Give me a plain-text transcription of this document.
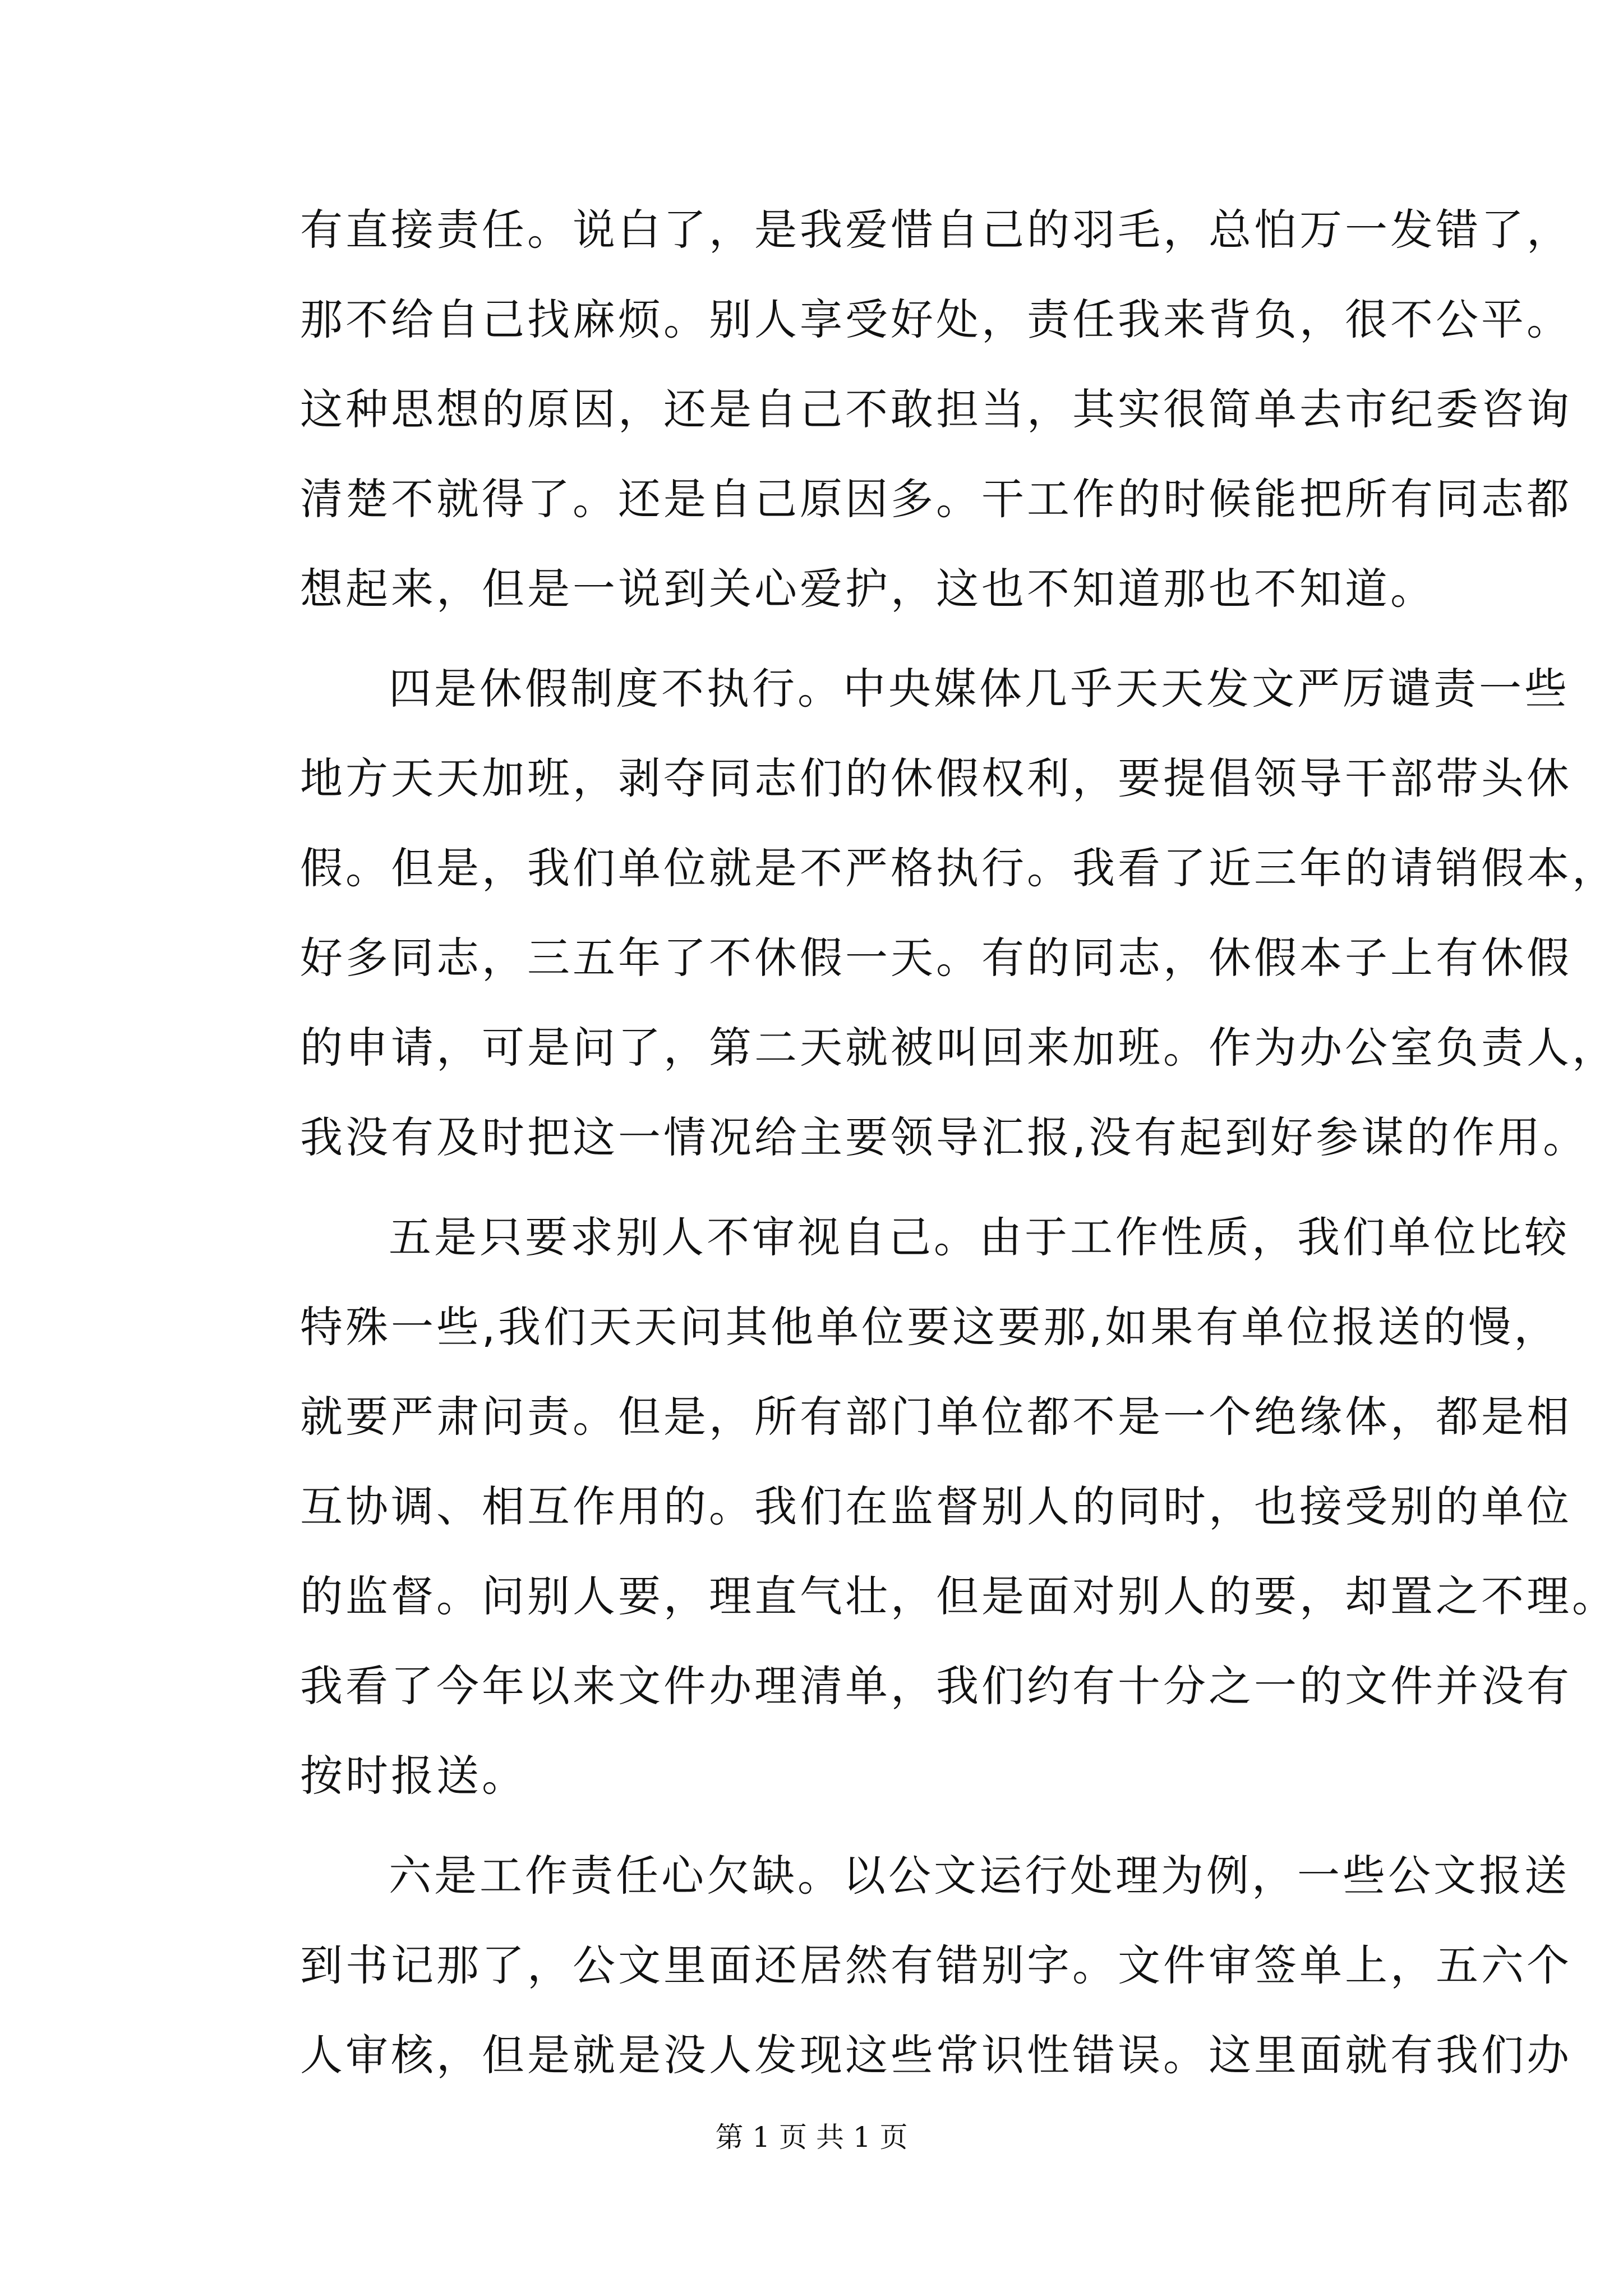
有直接责任。说白了，是我爱惜自己的羽毛，总怕万一发错了，
那不给自己找麻烦。别人享受好处，责任我来背负，很不公平。
这种思想的原因，还是自己不敢担当，其实很简单去市纪委咨询
清楚不就得了。还是自己原因多。干工作的时候能把所有同志都
想起来，但是一说到关心爱护，这也不知道那也不知道。
四是休假制度不执行。中央媒体几乎天天发文严厉谴责一些
地方天天加班，剥夺同志们的休假权利，要提倡领导干部带头休
假。但是，我们单位就是不严格执行。我看了近三年的请销假本，
好多同志，三五年了不休假一天。有的同志，休假本子上有休假
的申请，可是问了，第二天就被叫回来加班。作为办公室负责人，
我没有及时把这一情况给主要领导汇报,没有起到好参谋的作用。
五是只要求别人不审视自己。由于工作性质，我们单位比较
特殊一些,我们天天问其他单位要这要那,如果有单位报送的慢，
就要严肃问责。但是，所有部门单位都不是一个绝缘体，都是相
互协调、相互作用的。我们在监督别人的同时，也接受别的单位
的监督。问别人要，理直气壮，但是面对别人的要，却置之不理。
我看了今年以来文件办理清单，我们约有十分之一的文件并没有
按时报送。
六是工作责任心欠缺。以公文运行处理为例，一些公文报送
到书记那了，公文里面还居然有错别字。文件审签单上，五六个
人审核，但是就是没人发现这些常识性错误。这里面就有我们办
第 1 页 共 1 页
